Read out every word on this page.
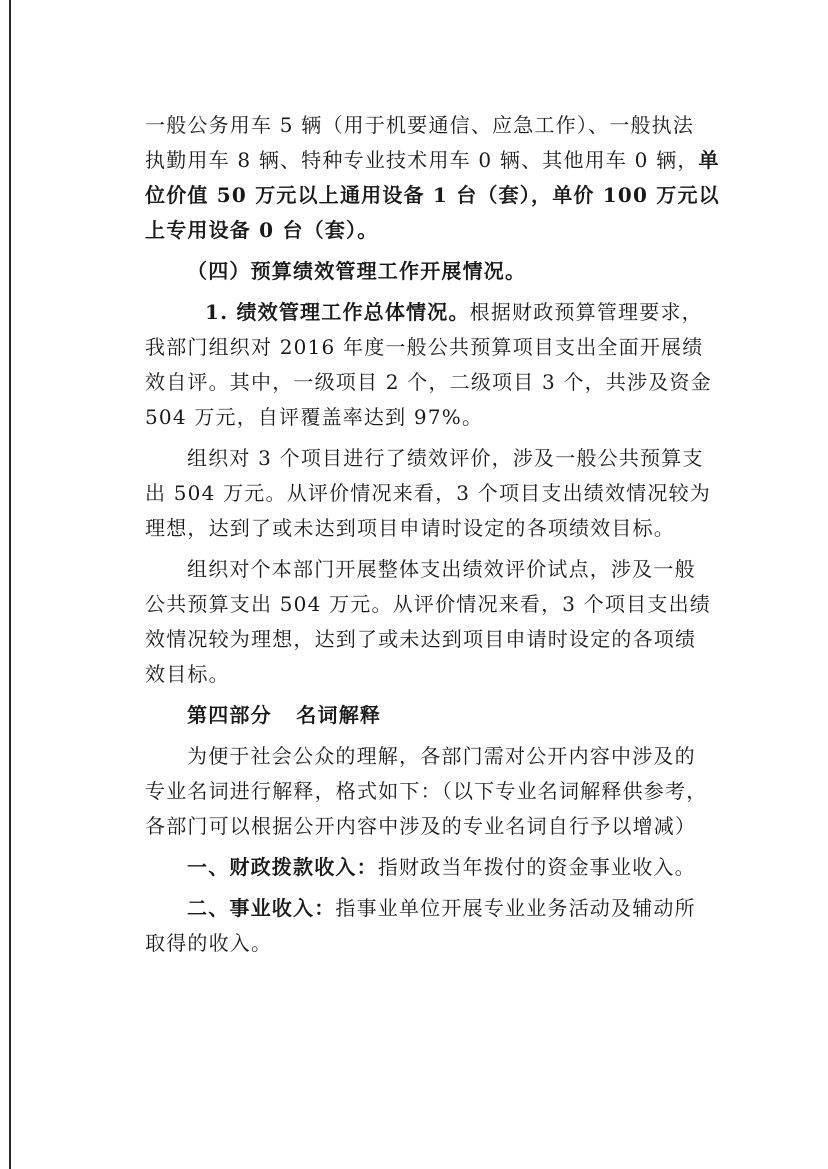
一般公务用车 5 辆（用于机要通信、应急工作）、一般执法
执勤用车 8 辆、特种专业技术用车 0 辆、其他用车 0 辆，单
位价值 50 万元以上通用设备 1 台（套），单价 100 万元以
上专用设备 0 台（套）。
（四）预算绩效管理工作开展情况。
1. 绩效管理工作总体情况。根据财政预算管理要求，
我部门组织对 2016 年度一般公共预算项目支出全面开展绩
效自评。其中，一级项目 2 个，二级项目 3 个，共涉及资金
504 万元，自评覆盖率达到 97%。
组织对 3 个项目进行了绩效评价，涉及一般公共预算支
出 504 万元。从评价情况来看，3 个项目支出绩效情况较为
理想，达到了或未达到项目申请时设定的各项绩效目标。
组织对个本部门开展整体支出绩效评价试点，涉及一般
公共预算支出 504 万元。从评价情况来看，3 个项目支出绩
效情况较为理想，达到了或未达到项目申请时设定的各项绩
效目标。
第四部分   名词解释
为便于社会公众的理解，各部门需对公开内容中涉及的
专业名词进行解释，格式如下：（以下专业名词解释供参考，
各部门可以根据公开内容中涉及的专业名词自行予以增减）
一、财政拨款收入：指财政当年拨付的资金事业收入。
二、事业收入：指事业单位开展专业业务活动及辅动所
取得的收入。
